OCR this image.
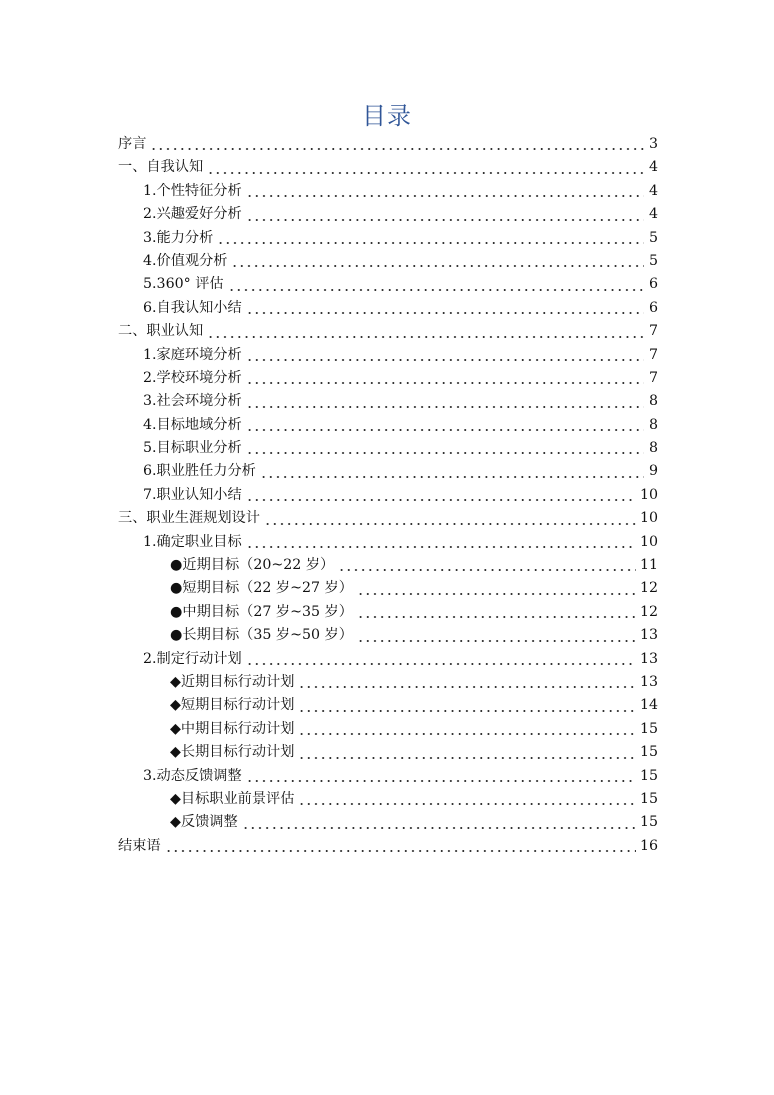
目录
序言	3
一、自我认知	4
1.个性特征分析	4
2.兴趣爱好分析	4
3.能力分析	5
4.价值观分析	5
5.360° 评估	6
6.自我认知小结	6
二、职业认知	7
1.家庭环境分析	7
2.学校环境分析	7
3.社会环境分析	8
4.目标地域分析	8
5.目标职业分析	8
6.职业胜任力分析	9
7.职业认知小结	10
三、职业生涯规划设计	10
1.确定职业目标	10
●近期目标（20~22 岁）	11
●短期目标（22 岁~27 岁）	12
●中期目标（27 岁~35 岁）	12
●长期目标（35 岁~50 岁）	13
2.制定行动计划	13
◆近期目标行动计划	13
◆短期目标行动计划	14
◆中期目标行动计划	15
◆长期目标行动计划	15
3.动态反馈调整	15
◆目标职业前景评估	15
◆反馈调整	15
结束语	16
